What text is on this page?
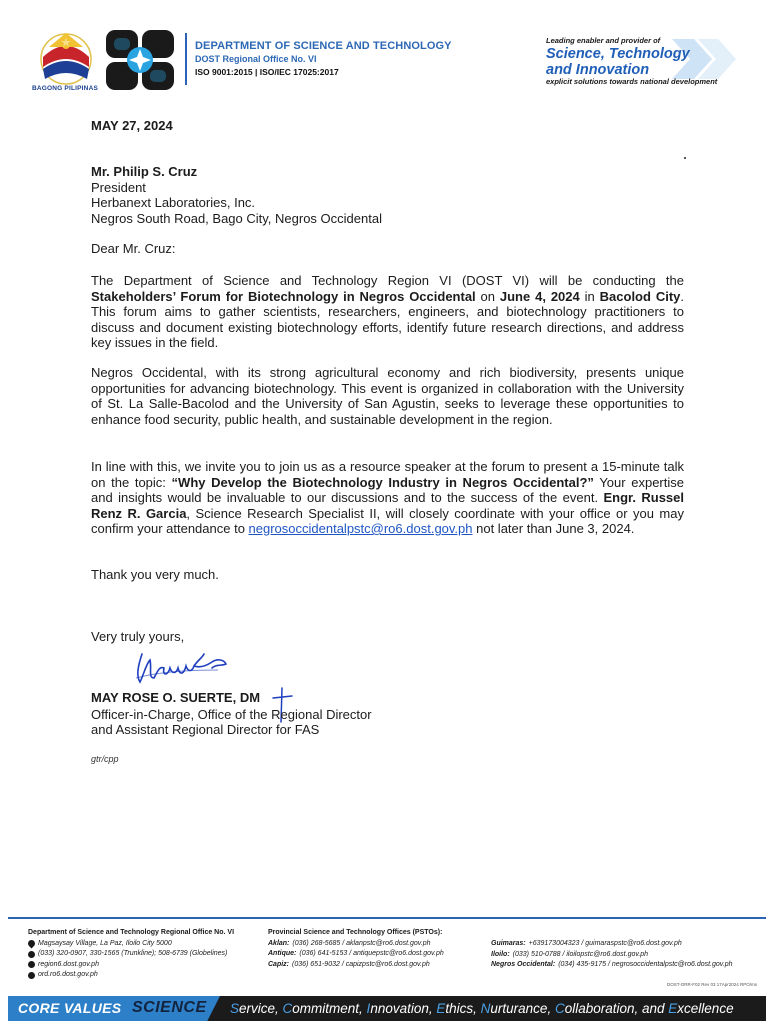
BAGONG PILIPINAS
DEPARTMENT OF SCIENCE AND TECHNOLOGY
DOST Regional Office No. VI
ISO 9001:2015 | ISO/IEC 17025:2017
Leading enabler and provider of
Science, Technology
and Innovation
explicit solutions towards national development
MAY 27, 2024
Mr. Philip S. Cruz
President
Herbanext Laboratories, Inc.
Negros South Road, Bago City, Negros Occidental
Dear Mr. Cruz:
The Department of Science and Technology Region VI (DOST VI) will be conducting the Stakeholders’ Forum for Biotechnology in Negros Occidental on June 4, 2024 in Bacolod City. This forum aims to gather scientists, researchers, engineers, and biotechnology practitioners to discuss and document existing biotechnology efforts, identify future research directions, and address key issues in the field.
Negros Occidental, with its strong agricultural economy and rich biodiversity, presents unique opportunities for advancing biotechnology. This event is organized in collaboration with the University of St. La Salle-Bacolod and the University of San Agustin, seeks to leverage these opportunities to enhance food security, public health, and sustainable development in the region.
In line with this, we invite you to join us as a resource speaker at the forum to present a 15-minute talk on the topic: “Why Develop the Biotechnology Industry in Negros Occidental?” Your expertise and insights would be invaluable to our discussions and to the success of the event. Engr. Russel Renz R. Garcia, Science Research Specialist II, will closely coordinate with your office or you may confirm your attendance to negrosoccidentalpstc@ro6.dost.gov.ph not later than June 3, 2024.
Thank you very much.
Very truly yours,
MAY ROSE O. SUERTE, DM
Officer-in-Charge, Office of the Regional Director
and Assistant Regional Director for FAS
gtr/cpp
Department of Science and Technology Regional Office No. VI
Magsaysay Village, La Paz, Iloilo City 5000
(033) 320-0907, 330-1565 (Trunkline); 508-6739 (Globelines)
region6.dost.gov.ph
ord.ro6.dost.gov.ph
Provincial Science and Technology Offices (PSTOs):
Aklan: (036) 268-5685 / aklanpstc@ro6.dost.gov.ph
Antique: (036) 641-5153 / antiquepstc@ro6.dost.gov.ph
Capiz: (036) 651-9032 / capizpstc@ro6.dost.gov.ph
Guimaras: +639173004323 / guimaraspstc@ro6.dost.gov.ph
Iloilo: (033) 510-0788 / iloilopstc@ro6.dost.gov.ph
Negros Occidental: (034) 435-9175 / negrosoccidentalpstc@ro6.dost.gov.ph
DOST-ORR-F02 Rev 03 17Apr2024 RPO/ms
CORE VALUES SCIENCE Service, Commitment, Innovation, Ethics, Nurturance, Collaboration, and Excellence
